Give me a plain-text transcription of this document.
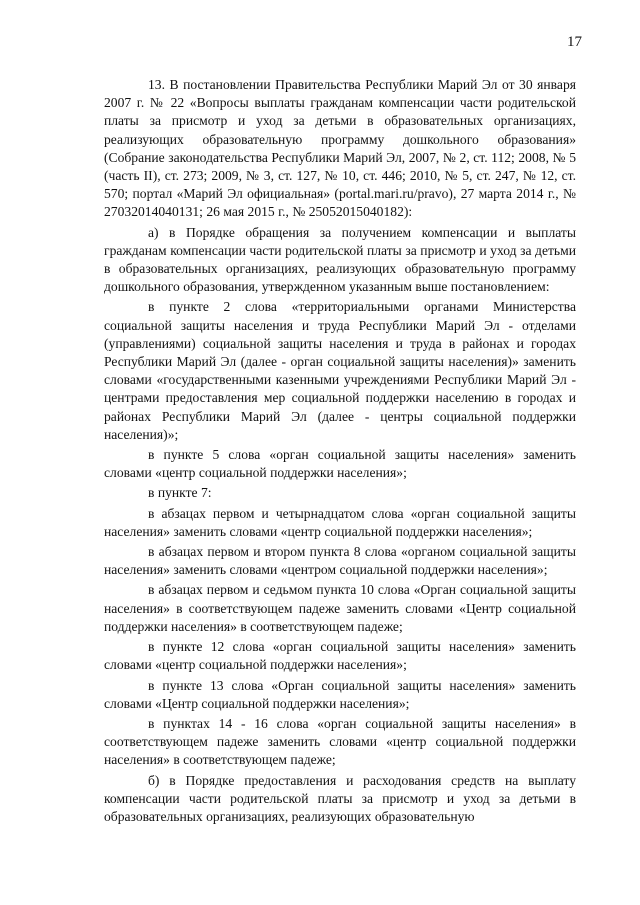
17

13. В постановлении Правительства Республики Марий Эл от 30 января 2007 г. № 22 «Вопросы выплаты гражданам компенсации части родительской платы за присмотр и уход за детьми в образовательных организациях, реализующих образовательную программу дошкольного образования» (Собрание законодательства Республики Марий Эл, 2007, № 2, ст. 112; 2008, № 5 (часть II), ст. 273; 2009, № 3, ст. 127, № 10, ст. 446; 2010, № 5, ст. 247, № 12, ст. 570; портал «Марий Эл официальная» (portal.mari.ru/pravo), 27 марта 2014 г., № 27032014040131; 26 мая 2015 г., № 25052015040182):

а) в Порядке обращения за получением компенсации и выплаты гражданам компенсации части родительской платы за присмотр и уход за детьми в образовательных организациях, реализующих образовательную программу дошкольного образования, утвержденном указанным выше постановлением:

в пункте 2 слова «территориальными органами Министерства социальной защиты населения и труда Республики Марий Эл - отделами (управлениями) социальной защиты населения и труда в районах и городах Республики Марий Эл (далее - орган социальной защиты населения)» заменить словами «государственными казенными учреждениями Республики Марий Эл - центрами предоставления мер социальной поддержки населению в городах и районах Республики Марий Эл (далее - центры социальной поддержки населения)»;

в пункте 5 слова «орган социальной защиты населения» заменить словами «центр социальной поддержки населения»;

в пункте 7:

в абзацах первом и четырнадцатом слова «орган социальной защиты населения» заменить словами «центр социальной поддержки населения»;

в абзацах первом и втором пункта 8 слова «органом социальной защиты населения» заменить словами «центром социальной поддержки населения»;

в абзацах первом и седьмом пункта 10 слова «Орган социальной защиты населения» в соответствующем падеже заменить словами «Центр социальной поддержки населения» в соответствующем падеже;

в пункте 12 слова «орган социальной защиты населения» заменить словами «центр социальной поддержки населения»;

в пункте 13 слова «Орган социальной защиты населения» заменить словами «Центр социальной поддержки населения»;

в пунктах 14 - 16 слова «орган социальной защиты населения» в соответствующем падеже заменить словами «центр социальной поддержки населения» в соответствующем падеже;

б) в Порядке предоставления и расходования средств на выплату компенсации части родительской платы за присмотр и уход за детьми в образовательных организациях, реализующих образовательную
